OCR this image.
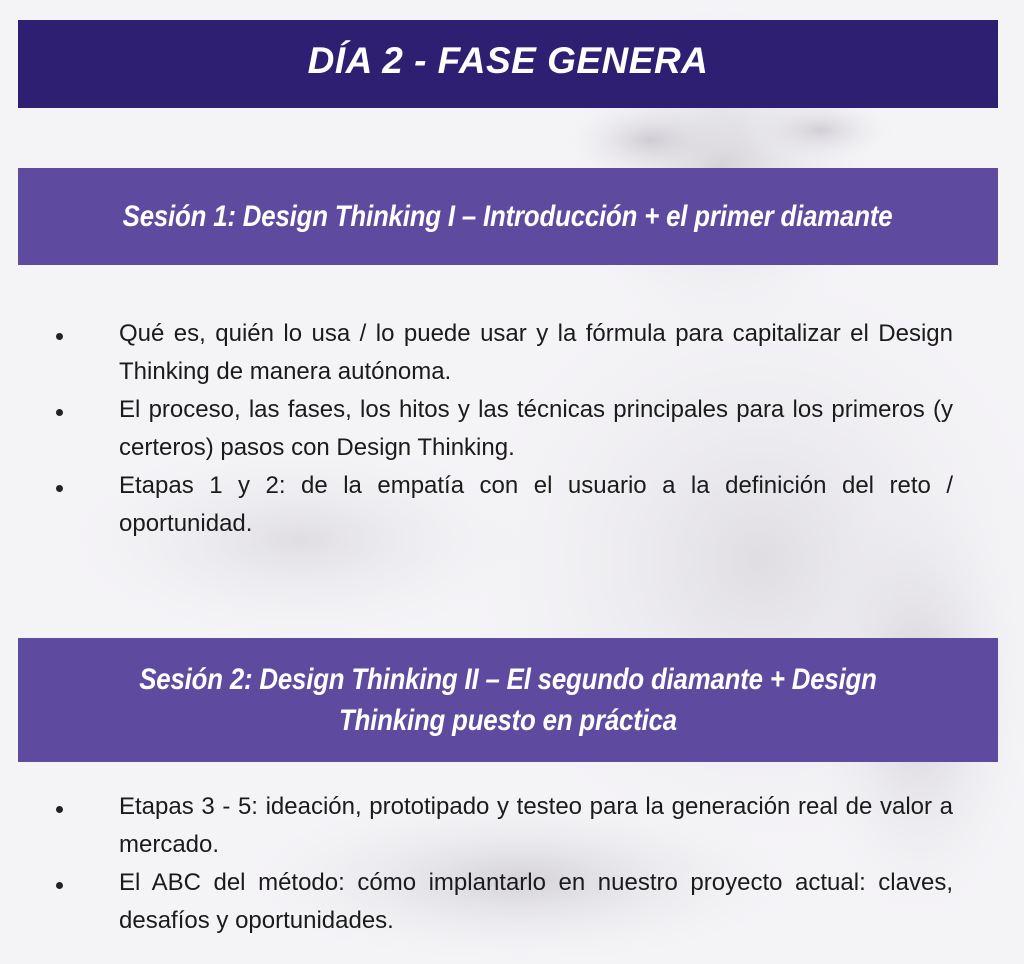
DÍA 2 - FASE GENERA
Sesión 1: Design Thinking I – Introducción + el primer diamante
Qué es, quién lo usa / lo puede usar y la fórmula para capitalizar el Design Thinking de manera autónoma.
El proceso, las fases, los hitos y las técnicas principales para los primeros (y certeros) pasos con Design Thinking.
Etapas 1 y 2: de la empatía con el usuario a la definición del reto / oportunidad.
Sesión 2: Design Thinking II – El segundo diamante + Design Thinking puesto en práctica
Etapas 3 - 5: ideación, prototipado y testeo para la generación real de valor a mercado.
El ABC del método: cómo implantarlo en nuestro proyecto actual: claves, desafíos y oportunidades.
